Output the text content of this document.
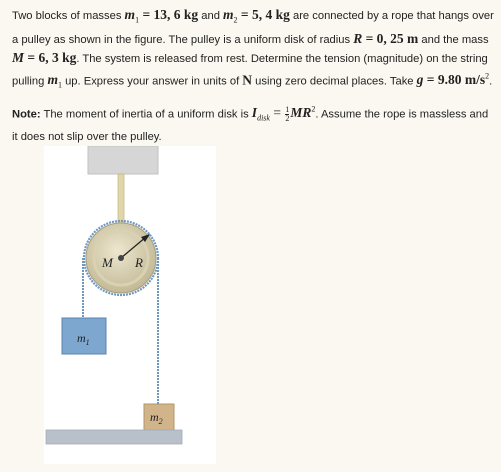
Two blocks of masses $m_1 = 13$, 6 kg and $m_2 = 5$, 4 kg are connected by a rope that hangs over a pulley as shown in the figure. The pulley is a uniform disk of radius R = 0, 25 m and the mass M = 6, 3 kg. The system is released from rest. Determine the tension (magnitude) on the string pulling $m_1$ up. Express your answer in units of N using zero decimal places. Take g = 9.80 $m/s^2$.

Note: The moment of inertia of a uniform disk is $I_{disk} = \frac{1}{2} MR^2$. Assume the rope is massless and it does not slip over the pulley.

M R
$m_1$
$m_2$
